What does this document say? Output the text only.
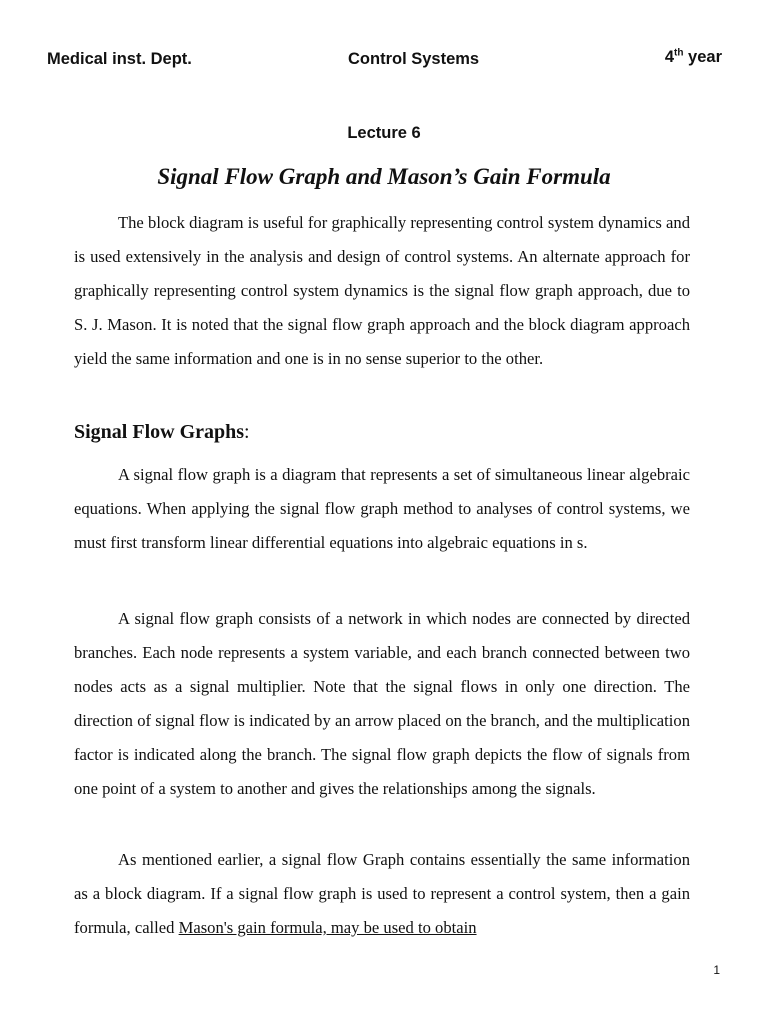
Medical inst. Dept.	Control Systems	4th year
Lecture 6
Signal Flow Graph and Mason’s Gain Formula

The block diagram is useful for graphically representing control system dynamics and is used extensively in the analysis and design of control systems. An alternate approach for graphically representing control system dynamics is the signal flow graph approach, due to S. J. Mason. It is noted that the signal flow graph approach and the block diagram approach yield the same information and one is in no sense superior to the other.

Signal Flow Graphs:

A signal flow graph is a diagram that represents a set of simultaneous linear algebraic equations. When applying the signal flow graph method to analyses of control systems, we must first transform linear differential equations into algebraic equations in s.

A signal flow graph consists of a network in which nodes are connected by directed branches. Each node represents a system variable, and each branch connected between two nodes acts as a signal multiplier. Note that the signal flows in only one direction. The direction of signal flow is indicated by an arrow placed on the branch, and the multiplication factor is indicated along the branch. The signal flow graph depicts the flow of signals from one point of a system to another and gives the relationships among the signals.

As mentioned earlier, a signal flow Graph contains essentially the same information as a block diagram. If a signal flow graph is used to represent a control system, then a gain formula, called Mason's gain formula, may be used to obtain

1
